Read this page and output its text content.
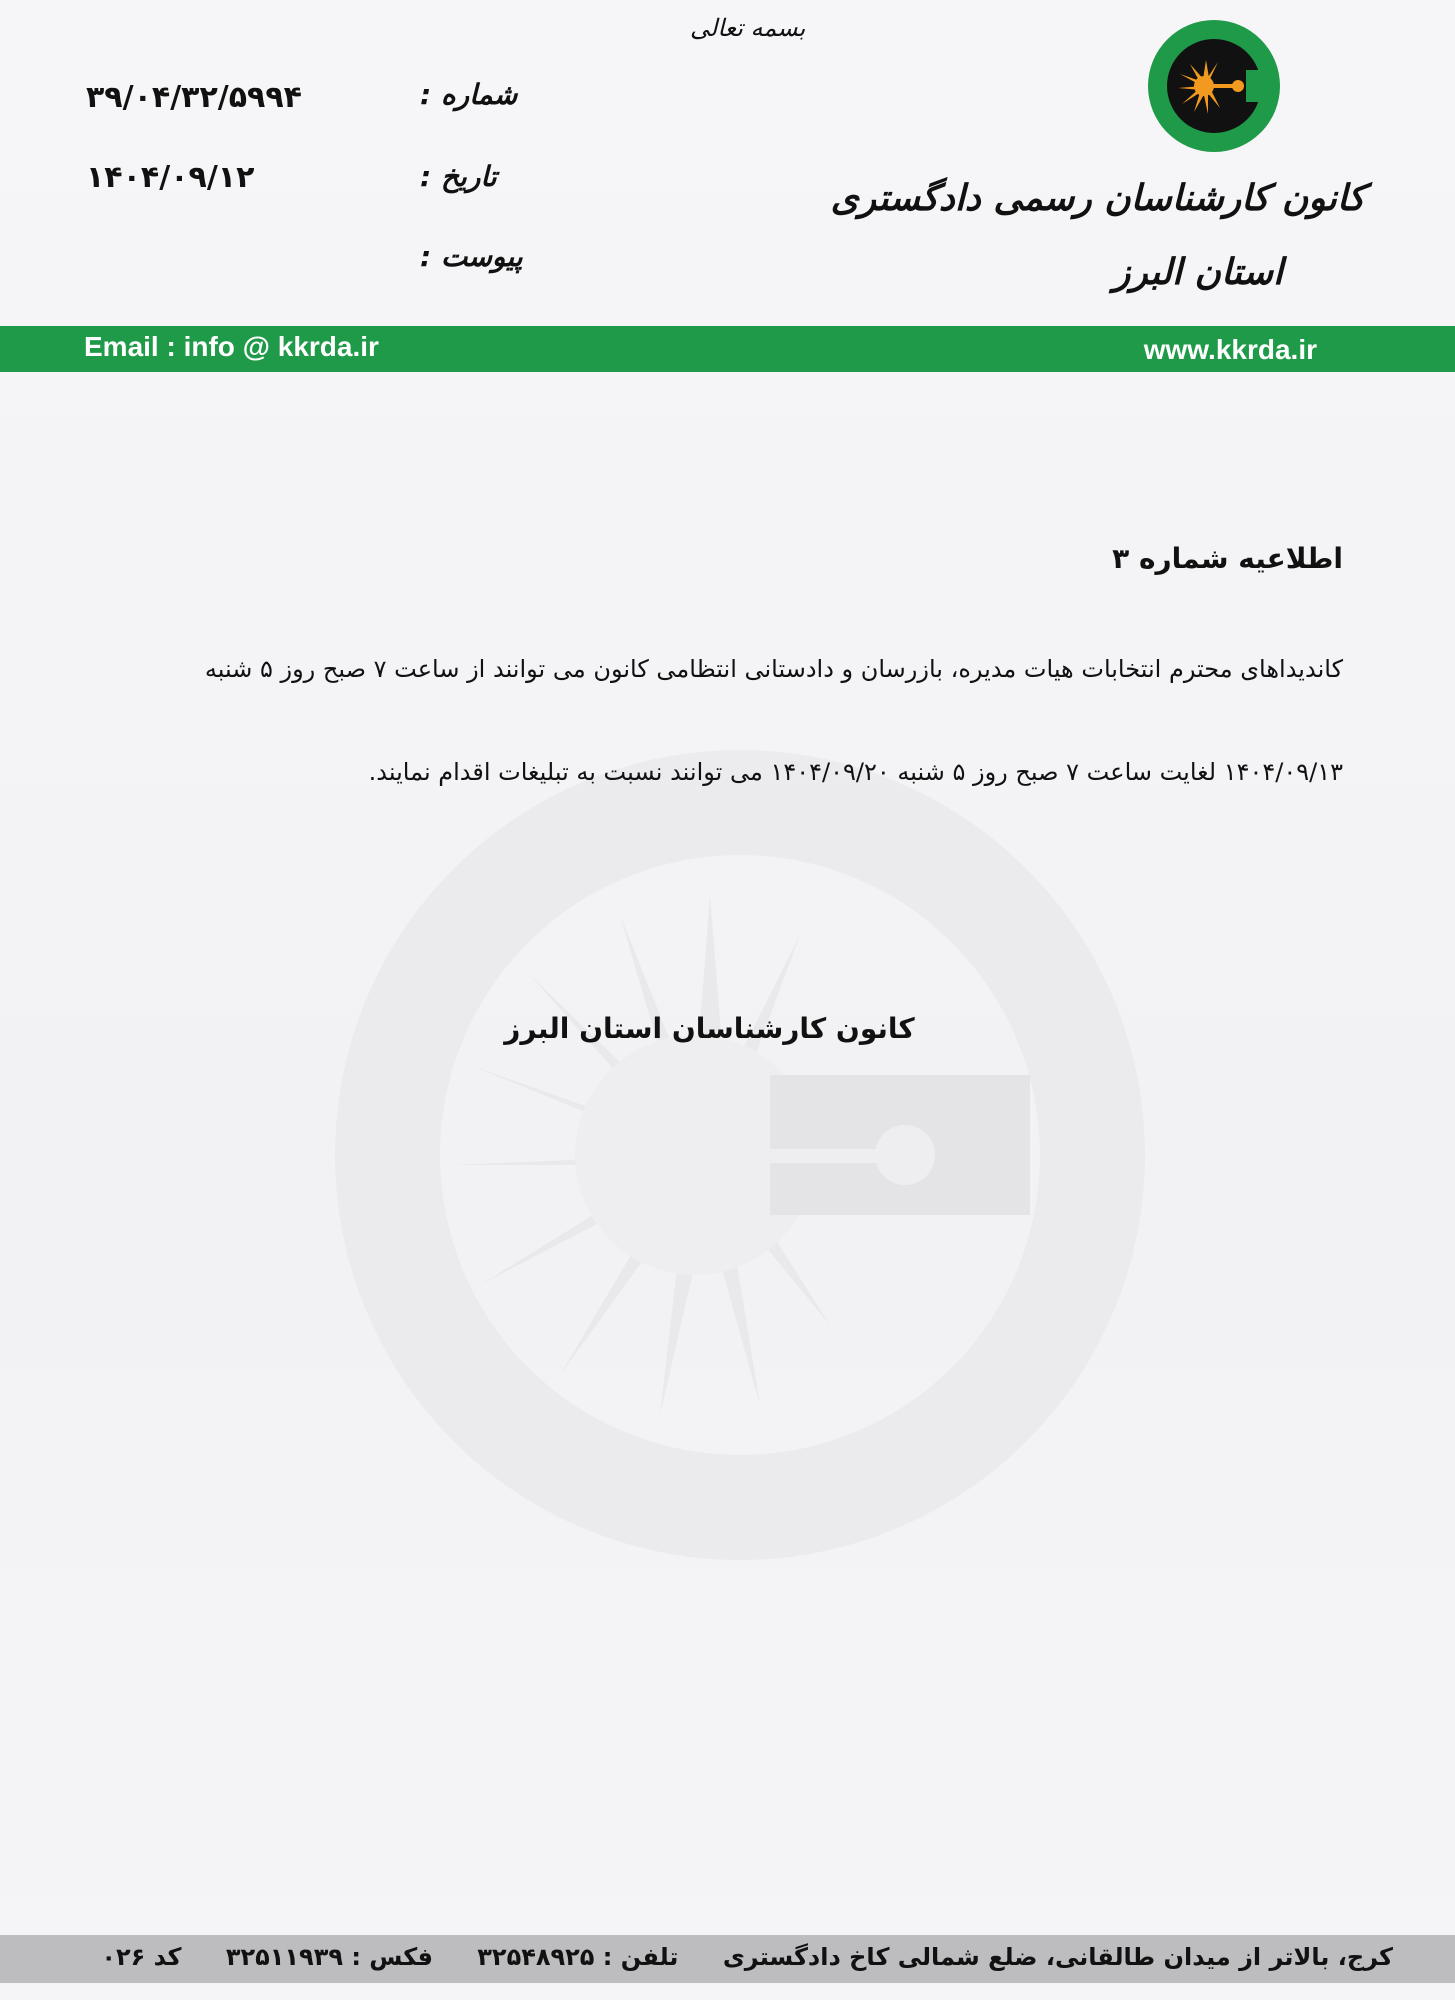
بسمه تعالی
شماره :
۳۹/۰۴/۳۲/۵۹۹۴
تاریخ :
۱۴۰۴/۰۹/۱۲
پیوست :
کانون کارشناسان رسمی دادگستری
استان البرز
Email : info @ kkrda.ir	www.kkrda.ir
اطلاعیه شماره ۳
کاندیداهای محترم انتخابات هیات مدیره، بازرسان و دادستانی انتظامی کانون می توانند از ساعت ۷ صبح روز ۵ شنبه
۱۴۰۴/۰۹/۱۳ لغایت ساعت ۷ صبح روز ۵ شنبه ۱۴۰۴/۰۹/۲۰ می توانند نسبت به تبلیغات اقدام نمایند.
کانون کارشناسان استان البرز
کرج، بالاتر از میدان طالقانی، ضلع شمالی کاخ دادگستری تلفن : ۳۲۵۴۸۹۲۵ فکس : ۳۲۵۱۱۹۳۹ کد ۰۲۶
